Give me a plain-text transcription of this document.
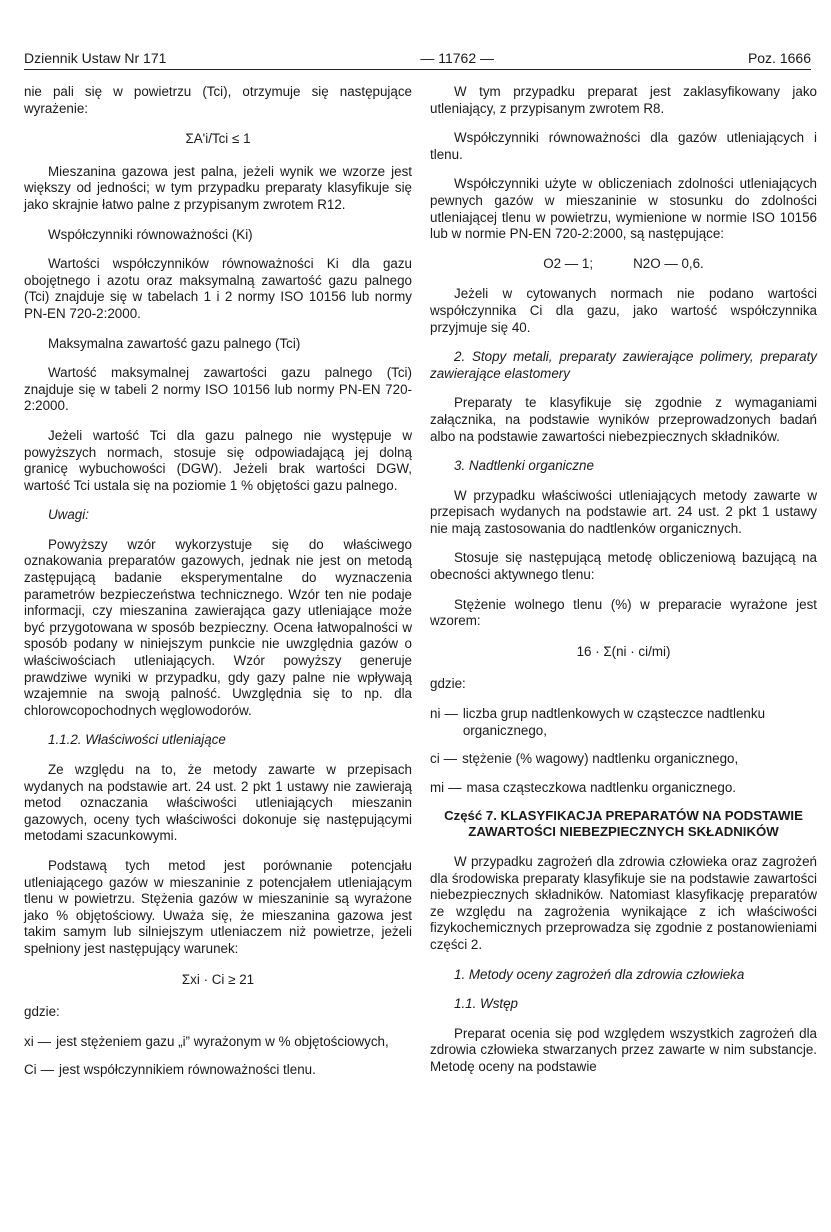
Dziennik Ustaw Nr 171	— 11762 —	Poz. 1666

nie pali się w powietrzu (Tci), otrzymuje się następujące wyrażenie:

ΣA'i/Tci ≤ 1

Mieszanina gazowa jest palna, jeżeli wynik we wzorze jest większy od jedności; w tym przypadku preparaty klasyfikuje się jako skrajnie łatwo palne z przypisanym zwrotem R12.

Współczynniki równoważności (Ki)

Wartości współczynników równoważności Ki dla gazu obojętnego i azotu oraz maksymalną zawartość gazu palnego (Tci) znajduje się w tabelach 1 i 2 normy ISO 10156 lub normy PN-EN 720-2:2000.

Maksymalna zawartość gazu palnego (Tci)

Wartość maksymalnej zawartości gazu palnego (Tci) znajduje się w tabeli 2 normy ISO 10156 lub normy PN-EN 720-2:2000.

Jeżeli wartość Tci dla gazu palnego nie występuje w powyższych normach, stosuje się odpowiadającą jej dolną granicę wybuchowości (DGW). Jeżeli brak wartości DGW, wartość Tci ustala się na poziomie 1 % objętości gazu palnego.

Uwagi:

Powyższy wzór wykorzystuje się do właściwego oznakowania preparatów gazowych, jednak nie jest on metodą zastępującą badanie eksperymentalne do wyznaczenia parametrów bezpieczeństwa technicznego. Wzór ten nie podaje informacji, czy mieszanina zawierająca gazy utleniające może być przygotowana w sposób bezpieczny. Ocena łatwopalności w sposób podany w niniejszym punkcie nie uwzględnia gazów o właściwościach utleniających. Wzór powyższy generuje prawdziwe wyniki w przypadku, gdy gazy palne nie wpływają wzajemnie na swoją palność. Uwzględnia się to np. dla chlorowcopochodnych węglowodorów.

1.1.2. Właściwości utleniające

Ze względu na to, że metody zawarte w przepisach wydanych na podstawie art. 24 ust. 2 pkt 1 ustawy nie zawierają metod oznaczania właściwości utleniających mieszanin gazowych, oceny tych właściwości dokonuje się następującymi metodami szacunkowymi.

Podstawą tych metod jest porównanie potencjału utleniającego gazów w mieszaninie z potencjałem utleniającym tlenu w powietrzu. Stężenia gazów w mieszaninie są wyrażone jako % objętościowy. Uważa się, że mieszanina gazowa jest takim samym lub silniejszym utleniaczem niż powietrze, jeżeli spełniony jest następujący warunek:

Σxi · Ci ≥ 21

gdzie:

xi — jest stężeniem gazu „i” wyrażonym w % objętościowych,
Ci — jest współczynnikiem równoważności tlenu.

W tym przypadku preparat jest zaklasyfikowany jako utleniający, z przypisanym zwrotem R8.

Współczynniki równoważności dla gazów utleniających i tlenu.

Współczynniki użyte w obliczeniach zdolności utleniających pewnych gazów w mieszaninie w stosunku do zdolności utleniającej tlenu w powietrzu, wymienione w normie ISO 10156 lub w normie PN-EN 720-2:2000, są następujące:

O2 — 1;	N2O — 0,6.

Jeżeli w cytowanych normach nie podano wartości współczynnika Ci dla gazu, jako wartość współczynnika przyjmuje się 40.

2. Stopy metali, preparaty zawierające polimery, preparaty zawierające elastomery

Preparaty te klasyfikuje się zgodnie z wymaganiami załącznika, na podstawie wyników przeprowadzonych badań albo na podstawie zawartości niebezpiecznych składników.

3. Nadtlenki organiczne

W przypadku właściwości utleniających metody zawarte w przepisach wydanych na podstawie art. 24 ust. 2 pkt 1 ustawy nie mają zastosowania do nadtlenków organicznych.

Stosuje się następującą metodę obliczeniową bazującą na obecności aktywnego tlenu:

Stężenie wolnego tlenu (%) w preparacie wyrażone jest wzorem:

16 · Σ(ni · ci/mi)

gdzie:

ni — liczba grup nadtlenkowych w cząsteczce nadtlenku organicznego,
ci — stężenie (% wagowy) nadtlenku organicznego,
mi — masa cząsteczkowa nadtlenku organicznego.
Część 7. KLASYFIKACJA PREPARATÓW NA PODSTAWIE ZAWARTOŚCI NIEBEZPIECZNYCH SKŁADNIKÓW

W przypadku zagrożeń dla zdrowia człowieka oraz zagrożeń dla środowiska preparaty klasyfikuje sie na podstawie zawartości niebezpiecznych składników. Natomiast klasyfikację preparatów ze względu na zagrożenia wynikające z ich właściwości fizykochemicznych przeprowadza się zgodnie z postanowieniami części 2.

1. Metody oceny zagrożeń dla zdrowia człowieka

1.1. Wstęp

Preparat ocenia się pod względem wszystkich zagrożeń dla zdrowia człowieka stwarzanych przez zawarte w nim substancje. Metodę oceny na podstawie
